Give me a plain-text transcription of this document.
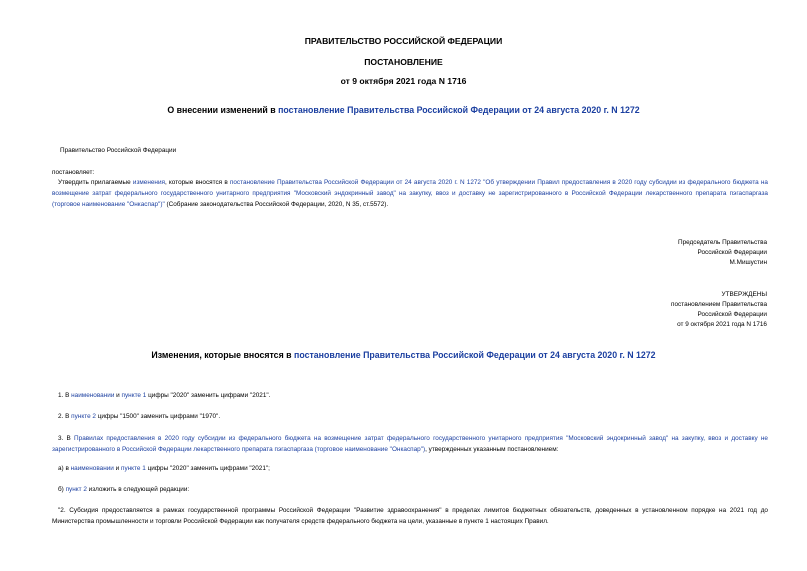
ПРАВИТЕЛЬСТВО РОССИЙСКОЙ ФЕДЕРАЦИИ
ПОСТАНОВЛЕНИЕ
от 9 октября 2021 года N 1716
О внесении изменений в постановление Правительства Российской Федерации от 24 августа 2020 г. N 1272
Правительство Российской Федерации
постановляет:
Утвердить прилагаемые изменения, которые вносятся в постановление Правительства Российской Федерации от 24 августа 2020 г. N 1272 "Об утверждении Правил предоставления в 2020 году субсидии из федерального бюджета на возмещение затрат федерального государственного унитарного предприятия "Московский эндокринный завод" на закупку, ввоз и доставку не зарегистрированного в Российской Федерации лекарственного препарата пэгаспаргаза (торговое наименование "Онкаспар")" (Собрание законодательства Российской Федерации, 2020, N 35, ст.5572).
Председатель Правительства
Российской Федерации
М.Мишустин
УТВЕРЖДЕНЫ
постановлением Правительства
Российской Федерации
от 9 октября 2021 года N 1716
Изменения, которые вносятся в постановление Правительства Российской Федерации от 24 августа 2020 г. N 1272
1. В наименовании и пункте 1 цифры "2020" заменить цифрами "2021".
2. В пункте 2 цифры "1500" заменить цифрами "1970".
3. В Правилах предоставления в 2020 году субсидии из федерального бюджета на возмещение затрат федерального государственного унитарного предприятия "Московский эндокринный завод" на закупку, ввоз и доставку не зарегистрированного в Российской Федерации лекарственного препарата пэгаспаргаза (торговое наименование "Онкаспар"), утвержденных указанным постановлением:
а) в наименовании и пункте 1 цифры "2020" заменить цифрами "2021";
б) пункт 2 изложить в следующей редакции:
"2. Субсидия предоставляется в рамках государственной программы Российской Федерации "Развитие здравоохранения" в пределах лимитов бюджетных обязательств, доведенных в установленном порядке на 2021 год до Министерства промышленности и торговли Российской Федерации как получателя средств федерального бюджета на цели, указанные в пункте 1 настоящих Правил.
